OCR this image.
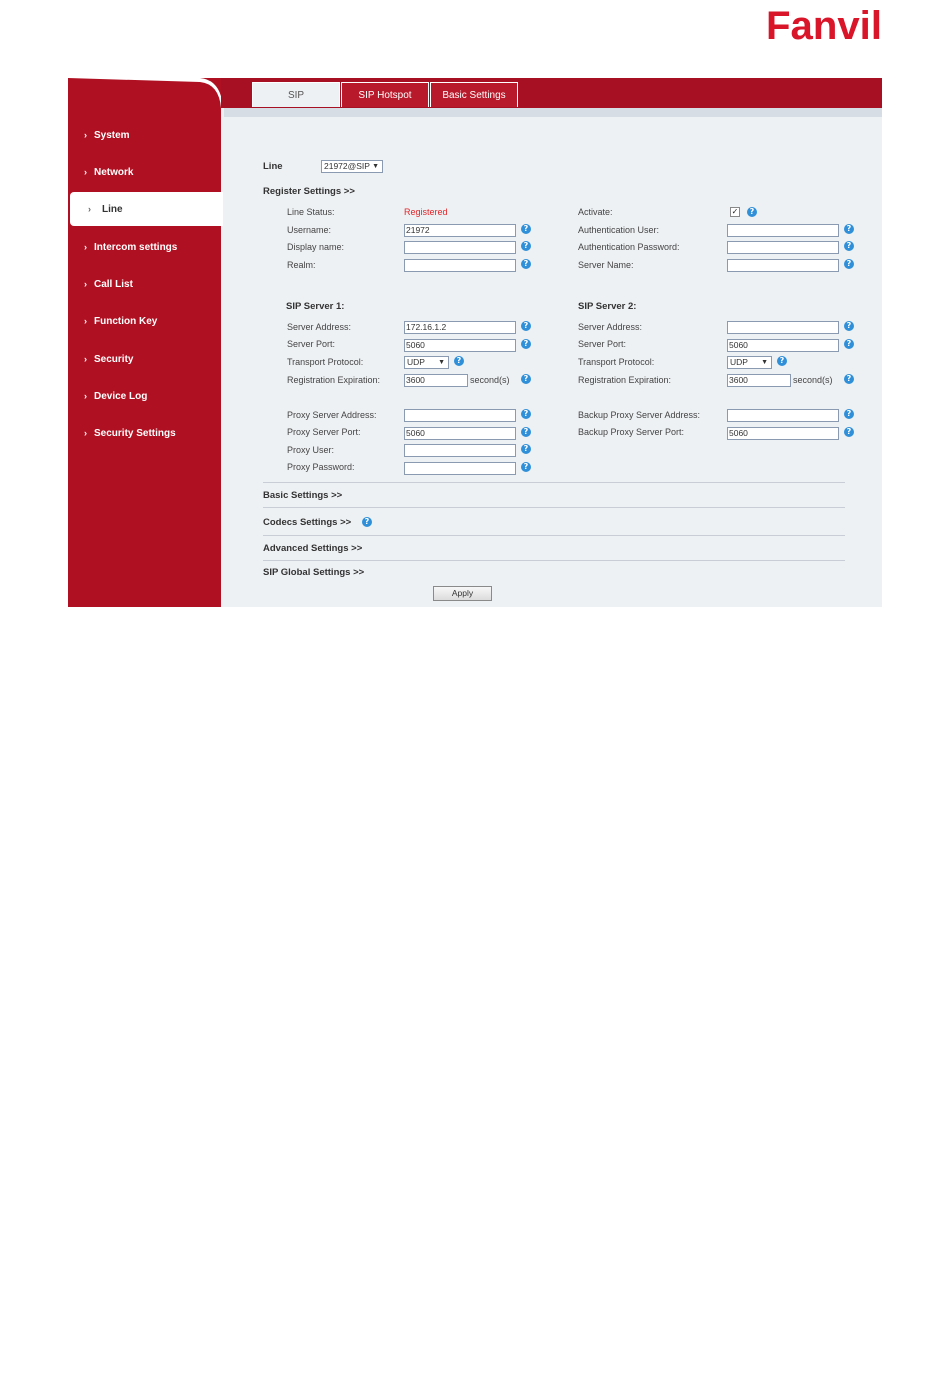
Fanvil
› System
› Network
›	Line
› Intercom settings
› Call List
› Function Key
› Security
› Device Log
› Security Settings
SIP	SIP Hotspot	Basic Settings
Line	21972@SIP ▼
Register Settings >>
Line Status:	Registered
Username:	21972	?
Display name:	?
Realm:	?
Activate:	✓	?
Authentication User:	?
Authentication Password:	?
Server Name:	?
SIP Server 1:
Server Address:	172.16.1.2	?
Server Port:	5060	?
Transport Protocol:	UDP ▼	?
Registration Expiration:	3600	second(s)	?
SIP Server 2:
Server Address:	?
Server Port:	5060	?
Transport Protocol:	UDP ▼	?
Registration Expiration:	3600	second(s)	?
Proxy Server Address:	?
Proxy Server Port:	5060	?
Proxy User:	?
Proxy Password:	?
Backup Proxy Server Address:	?
Backup Proxy Server Port:	5060	?
Basic Settings >>
Codecs Settings >>	?
Advanced Settings >>
SIP Global Settings >>
Apply
